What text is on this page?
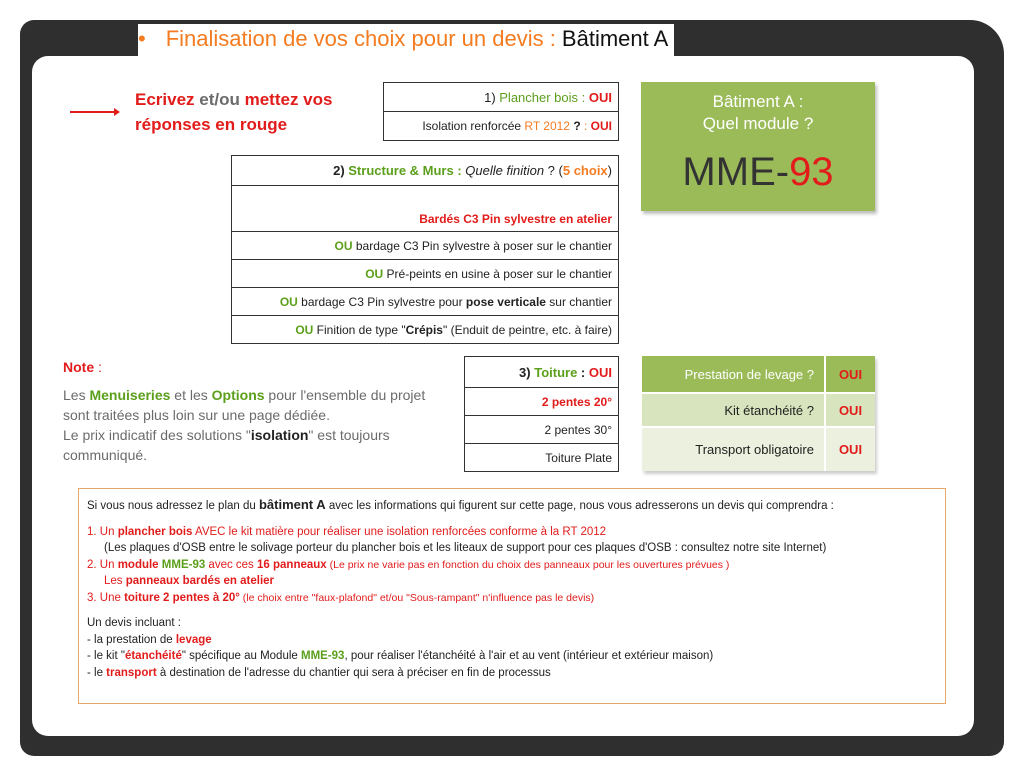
• Finalisation de vos choix pour un devis : Bâtiment A
Ecrivez et/ou mettez vos réponses en rouge
1) Plancher bois : OUI
Isolation renforcée RT 2012 ? : OUI
Bâtiment A :
Quel module ?
MME-93
2) Structure & Murs : Quelle finition ? (5 choix)
Bardés C3 Pin sylvestre en atelier
OU bardage C3 Pin sylvestre à poser sur le chantier
OU Pré-peints en usine à poser sur le chantier
OU bardage C3 Pin sylvestre pour pose verticale sur chantier
OU Finition de type "Crépis" (Enduit de peintre, etc. à faire)
Note :
Les Menuiseries et les Options pour l'ensemble du projet sont traitées plus loin sur une page dédiée.
Le prix indicatif des solutions "isolation" est toujours communiqué.
3) Toiture : OUI
2 pentes 20°
2 pentes 30°
Toiture Plate
Prestation de levage ?	OUI
Kit étanchéité ?	OUI
Transport obligatoire	OUI
Si vous nous adressez le plan du bâtiment A avec les informations qui figurent sur cette page, nous vous adresserons un devis qui comprendra :
1. Un plancher bois AVEC le kit matière pour réaliser une isolation renforcées conforme à la RT 2012
(Les plaques d'OSB entre le solivage porteur du plancher bois et les liteaux de support pour ces plaques d'OSB : consultez notre site Internet)
2. Un module MME-93 avec ces 16 panneaux (Le prix ne varie pas en fonction du choix des panneaux pour les ouvertures prévues )
Les panneaux bardés en atelier
3. Une toiture 2 pentes à 20° (le choix entre "faux-plafond" et/ou "Sous-rampant" n'influence pas le devis)
Un devis incluant :
- la prestation de levage
- le kit "étanchéité" spécifique au Module MME-93, pour réaliser l'étanchéité à l'air et au vent (intérieur et extérieur maison)
- le transport à destination de l'adresse du chantier qui sera à préciser en fin de processus
